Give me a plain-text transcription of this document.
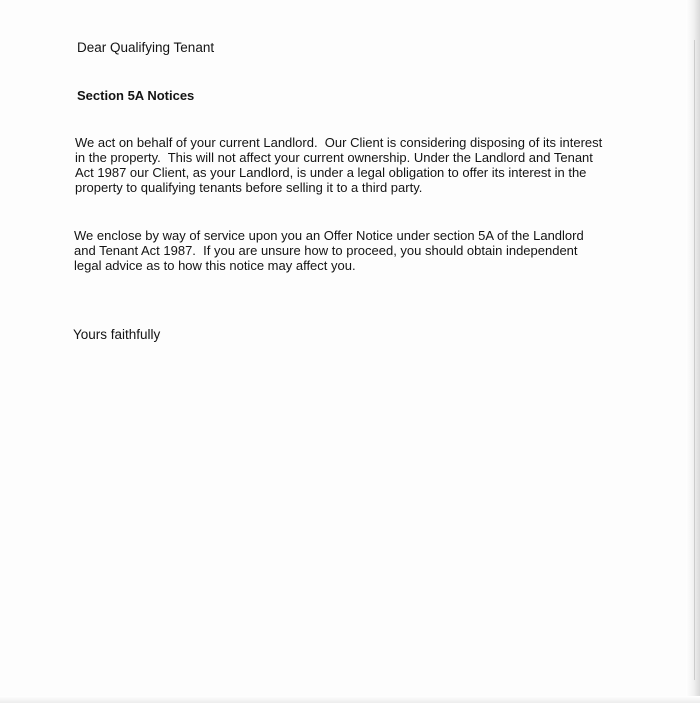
Dear Qualifying Tenant

Section 5A Notices

We act on behalf of your current Landlord.  Our Client is considering disposing of its interest
in the property.  This will not affect your current ownership. Under the Landlord and Tenant
Act 1987 our Client, as your Landlord, is under a legal obligation to offer its interest in the
property to qualifying tenants before selling it to a third party.

We enclose by way of service upon you an Offer Notice under section 5A of the Landlord
and Tenant Act 1987.  If you are unsure how to proceed, you should obtain independent
legal advice as to how this notice may affect you.

Yours faithfully
